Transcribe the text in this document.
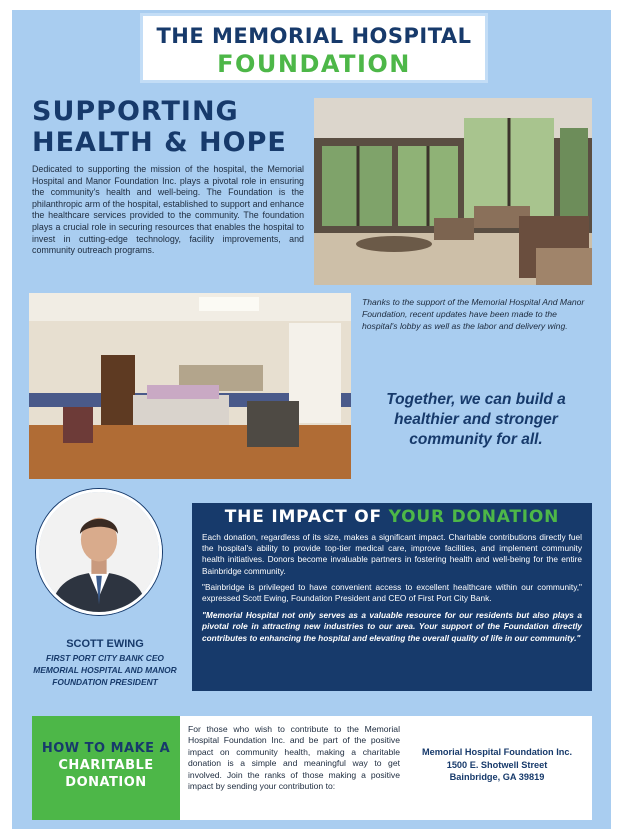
THE MEMORIAL HOSPITAL
FOUNDATION
SUPPORTING
HEALTH & HOPE
Dedicated to supporting the mission of the hospital, the Memorial Hospital and Manor Foundation Inc. plays a pivotal role in ensuring the community's health and well-being. The Foundation is the philanthropic arm of the hospital, established to support and enhance the healthcare services provided to the community. The foundation plays a crucial role in securing resources that enables the hospital to invest in cutting-edge technology, facility improvements, and community outreach programs.
Thanks to the support of the Memorial Hospital And Manor Foundation, recent updates have been made to the hospital's lobby as well as the labor and delivery wing.
Together, we can build a healthier and stronger community for all.
SCOTT EWING
FIRST PORT CITY BANK CEO MEMORIAL HOSPITAL AND MANOR FOUNDATION PRESIDENT
THE IMPACT OF YOUR DONATION

Each donation, regardless of its size, makes a significant impact. Charitable contributions directly fuel the hospital's ability to provide top-tier medical care, improve facilities, and implement community health initiatives. Donors become invaluable partners in fostering health and well-being for the entire Bainbridge community.

"Bainbridge is privileged to have convenient access to excellent healthcare within our community," expressed Scott Ewing, Foundation President and CEO of First Port City Bank.

"Memorial Hospital not only serves as a valuable resource for our residents but also plays a pivotal role in attracting new industries to our area. Your support of the Foundation directly contributes to enhancing the hospital and elevating the overall quality of life in our community."

HOW TO MAKE A
CHARITABLE
DONATION
For those who wish to contribute to the Memorial Hospital Foundation Inc. and be part of the positive impact on community health, making a charitable donation is a simple and meaningful way to get involved. Join the ranks of those making a positive impact by sending your contribution to:
Memorial Hospital Foundation Inc.
1500 E. Shotwell Street
Bainbridge, GA 39819
